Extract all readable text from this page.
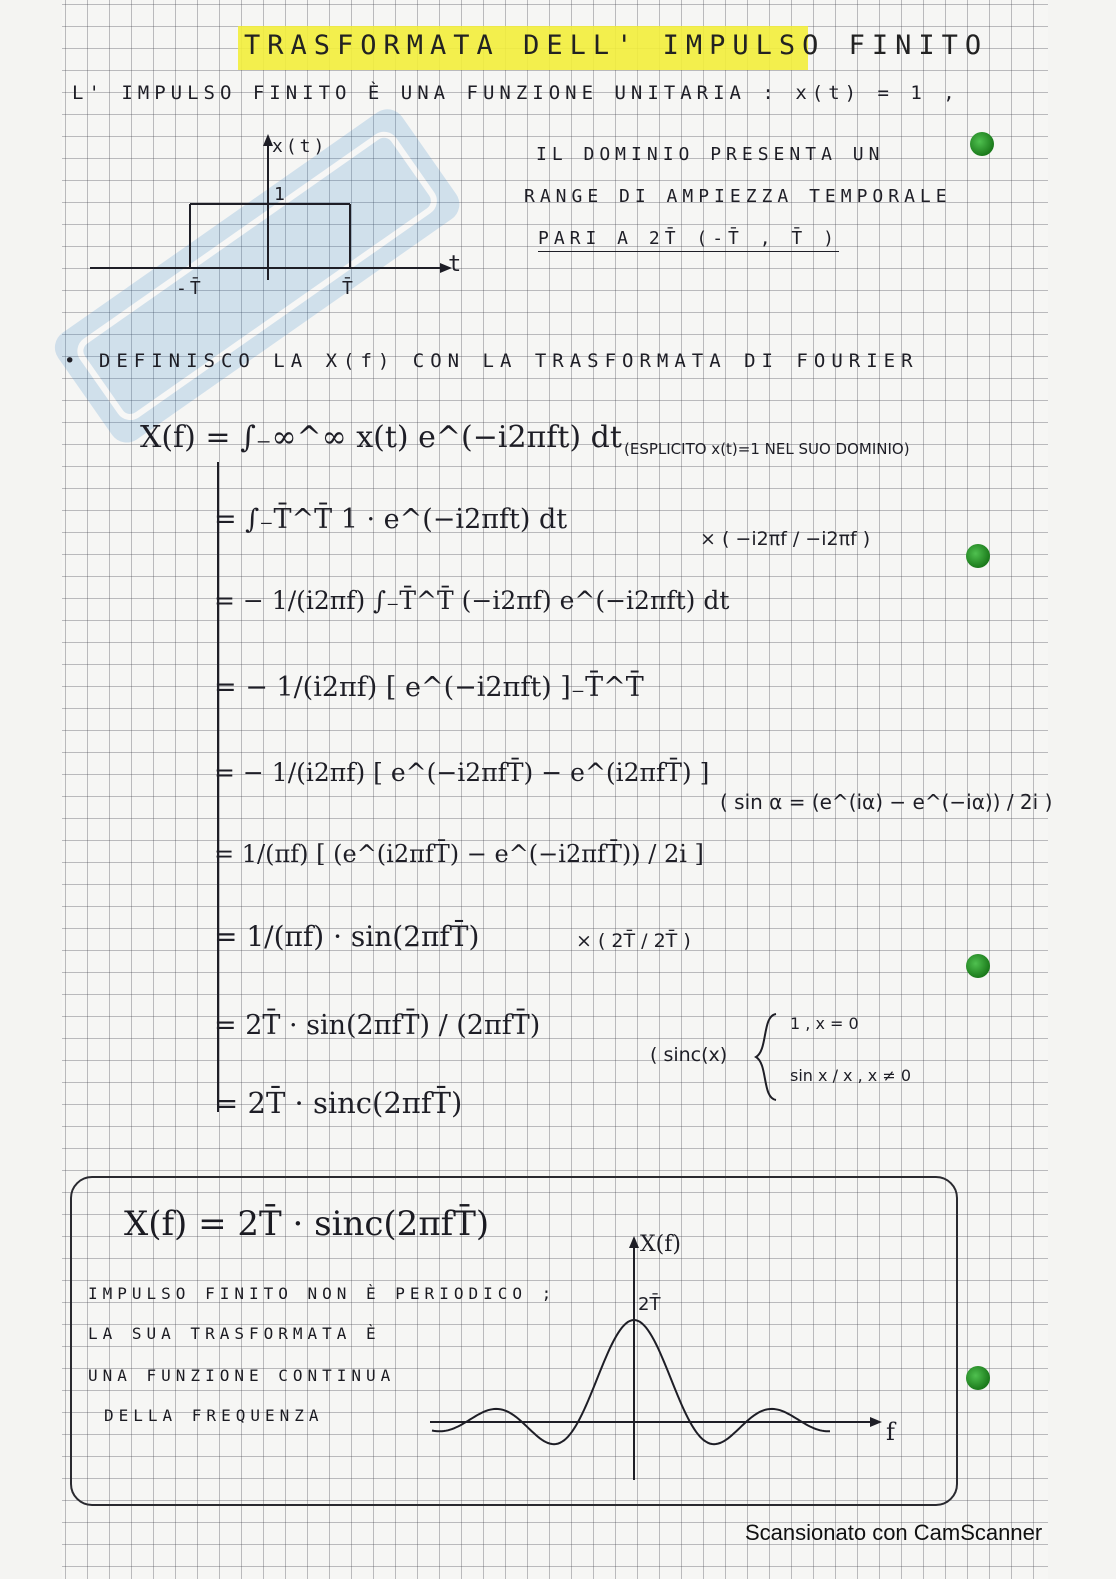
TRASFORMATA DELL' IMPULSO FINITO
L' IMPULSO FINITO È UNA FUNZIONE UNITARIA : x(t) = 1 ,
x(t)
t
1
-T̄	T̄
IL DOMINIO PRESENTA UN
RANGE DI AMPIEZZA TEMPORALE
PARI A 2T̄ (-T̄ , T̄ )
• DEFINISCO LA X(f) CON LA TRASFORMATA DI FOURIER
X(f) = ∫₋∞^∞ x(t) e^(−i2πft) dt
= ∫₋T̄^T̄ 1 · e^(−i2πft) dt
= − 1/(i2πf) ∫₋T̄^T̄ (−i2πf) e^(−i2πft) dt
= − 1/(i2πf) [ e^(−i2πft) ]₋T̄^T̄
= − 1/(i2πf) [ e^(−i2πfT̄) − e^(i2πfT̄) ]
= 1/(πf) [ (e^(i2πfT̄) − e^(−i2πfT̄)) / 2i ]
= 1/(πf) · sin(2πfT̄)
= 2T̄ · sin(2πfT̄) / (2πfT̄)
= 2T̄ · sinc(2πfT̄)
(ESPLICITO x(t)=1 NEL SUO DOMINIO)
× ( −i2πf / −i2πf )
( sin α = (e^(iα) − e^(−iα)) / 2i )
× ( 2T̄ / 2T̄ )
( sinc(x)
1 , x = 0
sin x / x , x ≠ 0
X(f) = 2T̄ · sinc(2πfT̄)
IMPULSO FINITO NON È PERIODICO ;
LA SUA TRASFORMATA È
UNA FUNZIONE CONTINUA
DELLA FREQUENZA
X(f)
f
2T̄
Scansionato con CamScanner
